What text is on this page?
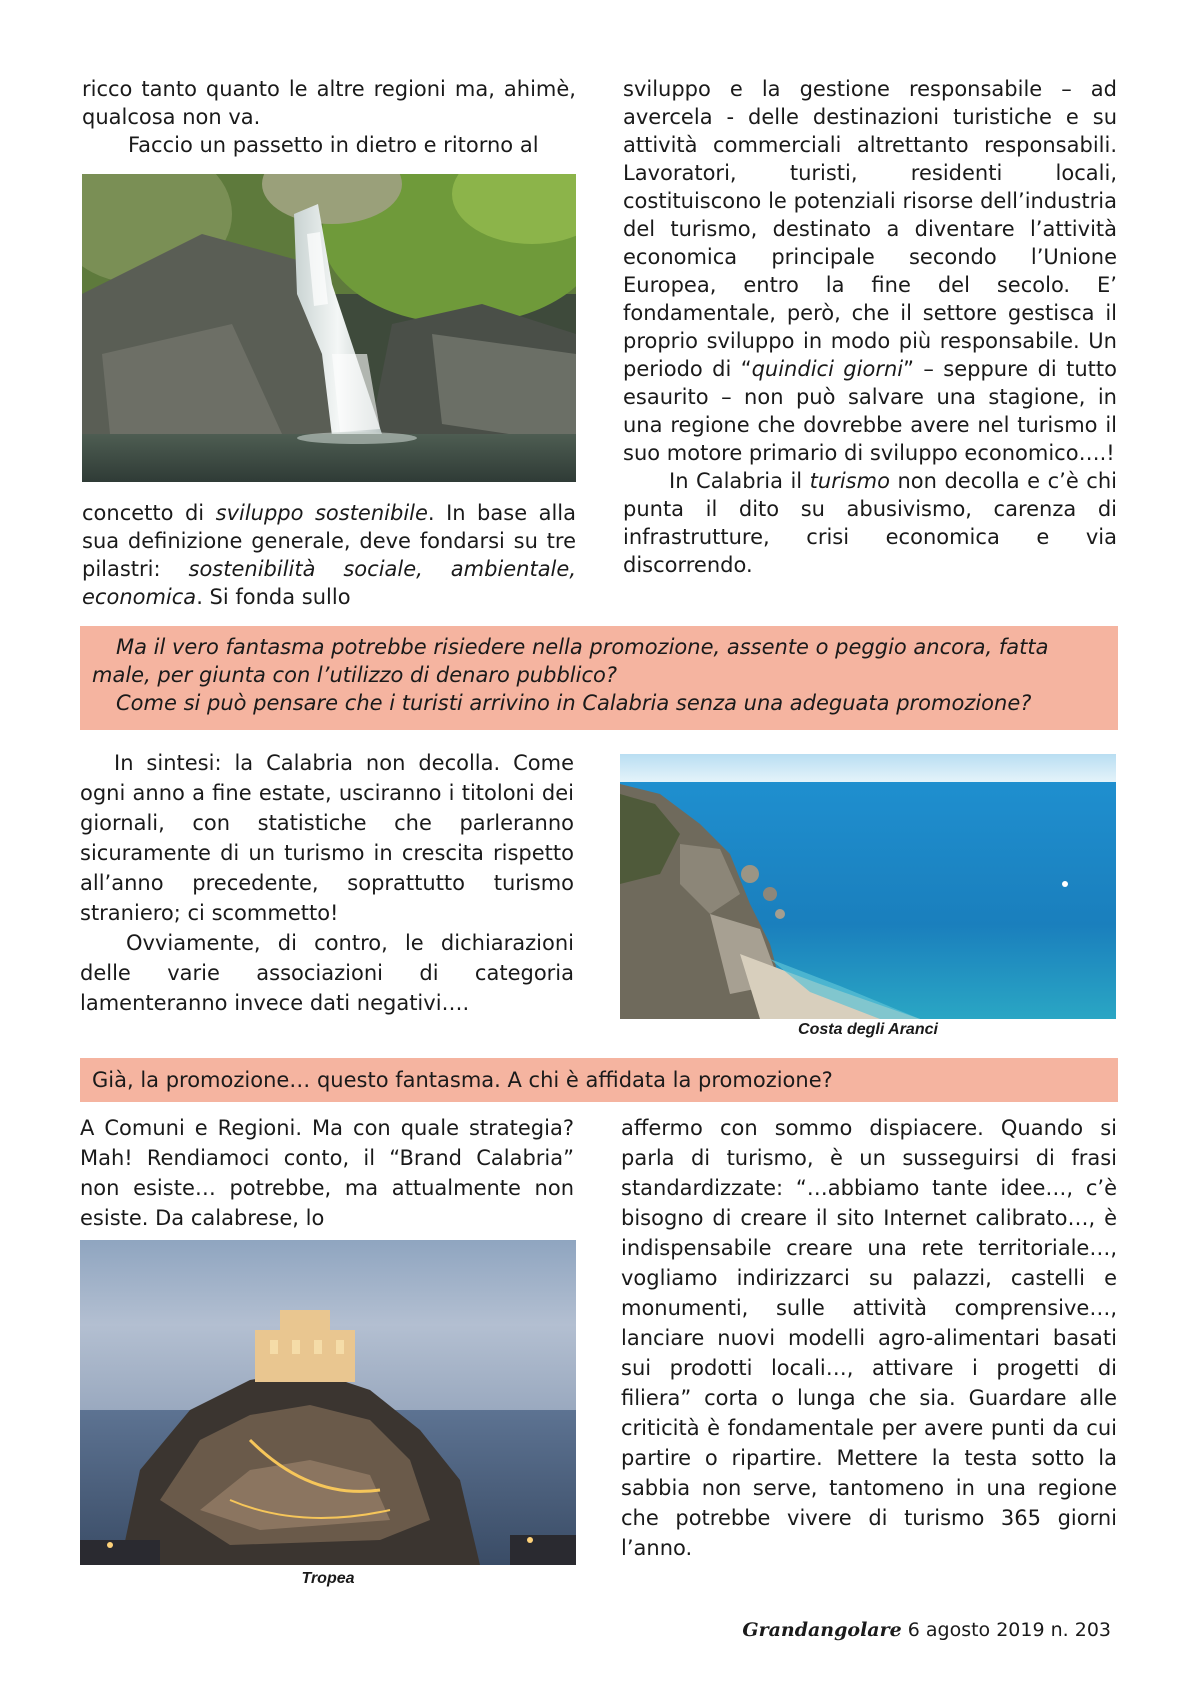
ricco tanto quanto le altre regioni ma, ahimè, qualcosa non va.

Faccio un passetto in dietro e ritorno al

concetto di sviluppo sostenibile. In base alla sua definizione generale, deve fondarsi su tre pilastri: sostenibilità sociale, ambientale, economica. Si fonda sullo

sviluppo e la gestione responsabile – ad avercela - delle destinazioni turistiche e su attività commerciali altrettanto responsabili. Lavoratori, turisti, residenti locali, costituiscono le potenziali risorse dell’industria del turismo, destinato a diventare l’attività economica principale secondo l’Unione Europea, entro la fine del secolo. E’ fondamentale, però, che il settore gestisca il proprio sviluppo in modo più responsabile. Un periodo di “quindici giorni” – seppure di tutto esaurito – non può salvare una stagione, in una regione che dovrebbe avere nel turismo il suo motore primario di sviluppo economico….!

In Calabria il turismo non decolla e c’è chi punta il dito su abusivismo, carenza di infrastrutture, crisi economica e via discorrendo.

Ma il vero fantasma potrebbe risiedere nella promozione, assente o peggio ancora, fatta male, per giunta con l’utilizzo di denaro pubblico?

Come si può pensare che i turisti arrivino in Calabria senza una adeguata promozione?

In sintesi: la Calabria non decolla. Come ogni anno a fine estate, usciranno i titoloni dei giornali, con statistiche che parleranno sicuramente di un turismo in crescita rispetto all’anno precedente, soprattutto turismo straniero; ci scommetto!

Ovviamente, di contro, le dichiarazioni delle varie associazioni di categoria lamenteranno invece dati negativi….

Costa degli Aranci
Già, la promozione… questo fantasma. A chi è affidata la promozione?

A Comuni e Regioni. Ma con quale strategia? Mah! Rendiamoci conto, il “Brand Calabria” non esiste… potrebbe, ma attualmente non esiste. Da calabrese, lo

Tropea

affermo con sommo dispiacere. Quando si parla di turismo, è un susseguirsi di frasi standardizzate: “…abbiamo tante idee…, c’è bisogno di creare il sito Internet calibrato…, è indispensabile creare una rete territoriale…, vogliamo indirizzarci su palazzi, castelli e monumenti, sulle attività comprensive…, lanciare nuovi modelli agro-alimentari basati sui prodotti locali…, attivare i progetti di filiera” corta o lunga che sia. Guardare alle criticità è fondamentale per avere punti da cui partire o ripartire. Mettere la testa sotto la sabbia non serve, tantomeno in una regione che potrebbe vivere di turismo 365 giorni l’anno.

Grandangolare 6 agosto 2019 n. 203
